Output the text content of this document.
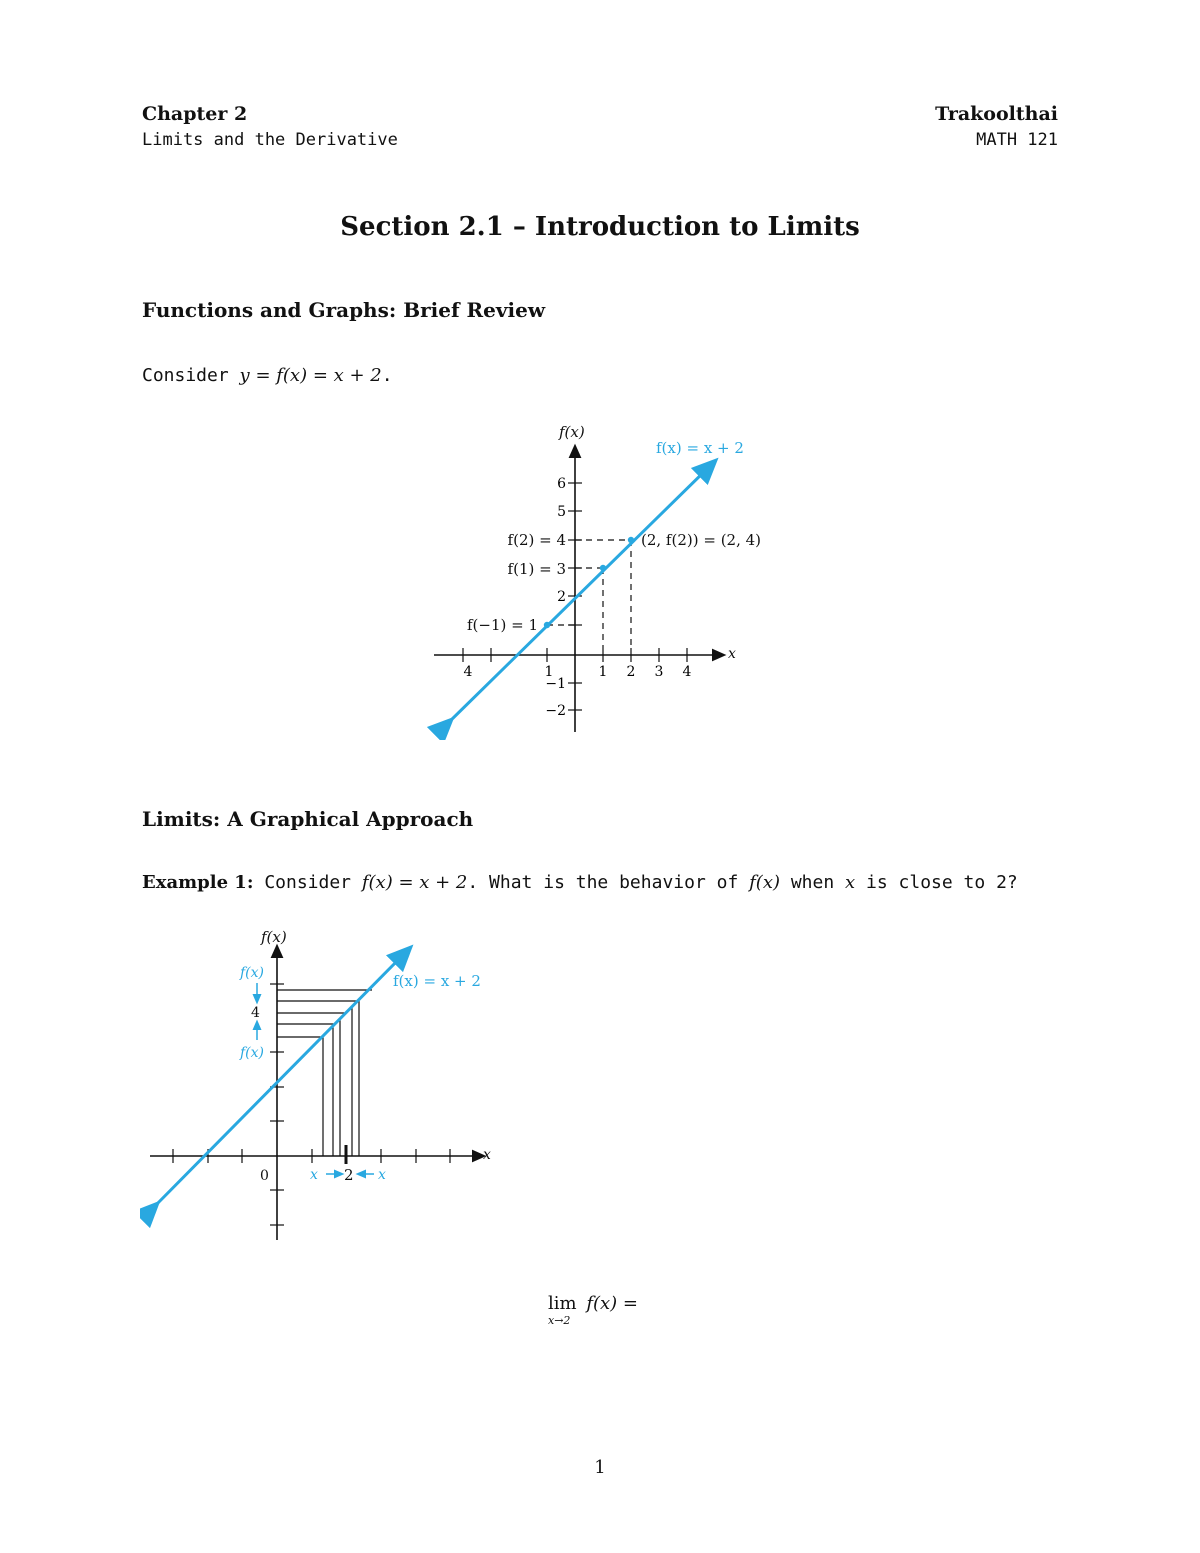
Chapter 2
Limits and the Derivative
Trakoolthai
MATH 121
Section 2.1 – Introduction to Limits
Functions and Graphs: Brief Review
Consider y = f(x) = x + 2.
f(x)
x
f(x) = x + 2
(2, f(2)) = (2, 4)
f(2) = 4
f(1) = 3
f(−1) = 1
6
5
2
−1
−2
4	1	1 2 3 4
Limits: A Graphical Approach
Example 1: Consider f(x) = x + 2. What is the behavior of f(x) when x is close to 2?
f(x)
x
f(x) = x + 2
f(x)
4
f(x)
0	x 2 x
lim
x→2
f(x) =
1
